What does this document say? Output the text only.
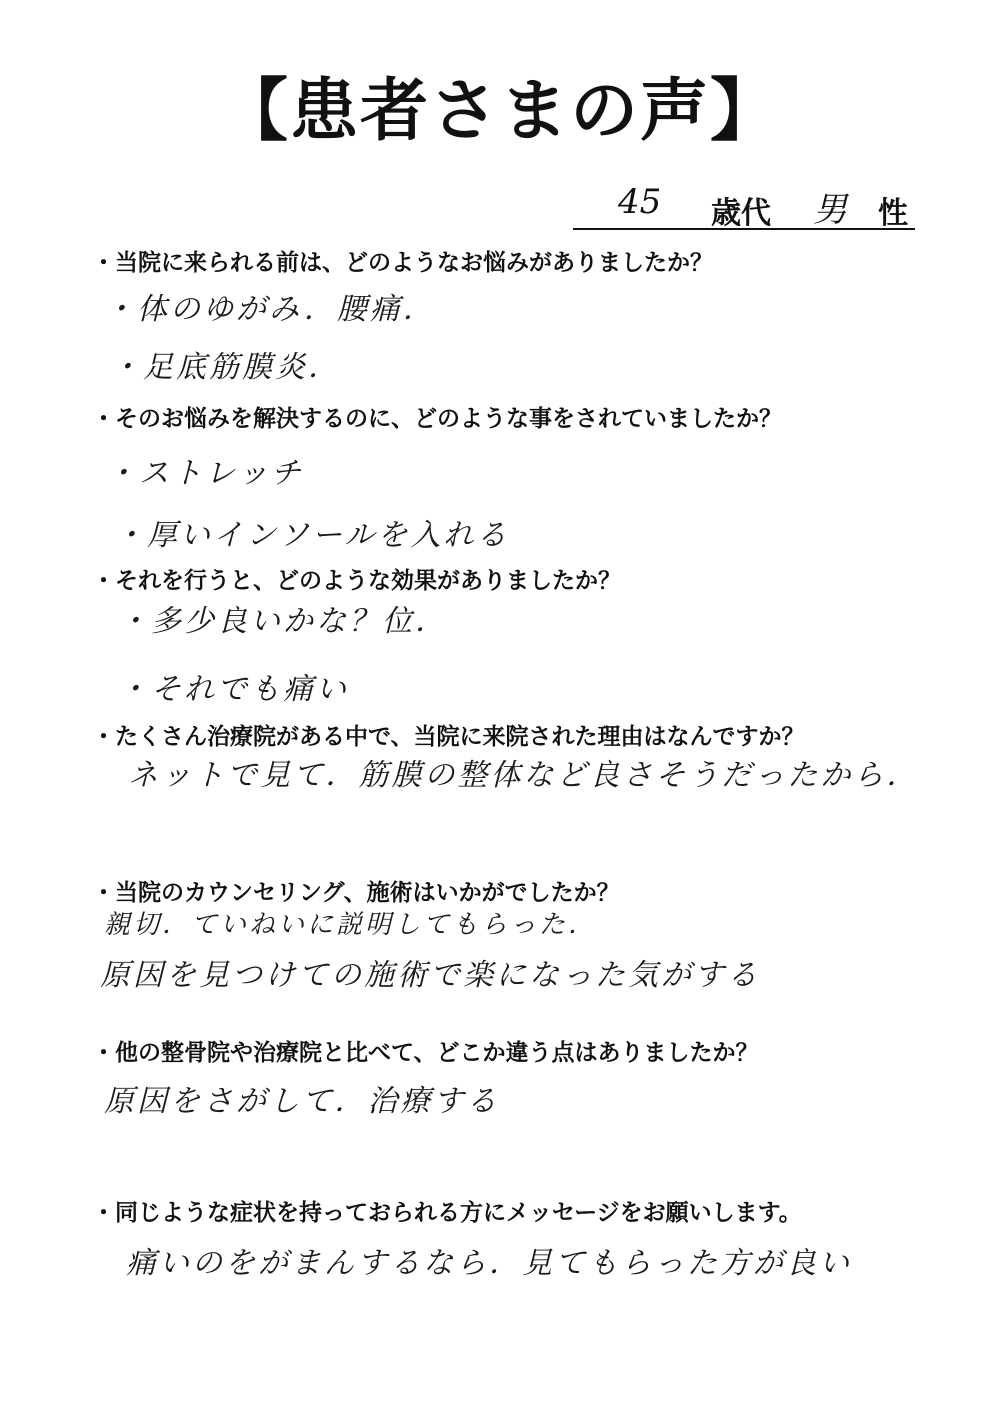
【患者さまの声】
45 歳代 男 性
・当院に来られる前は、どのようなお悩みがありましたか？
・体のゆがみ．腰痛．
・足底筋膜炎．
・そのお悩みを解決するのに、どのような事をされていましたか？
・ストレッチ
・厚いインソールを入れる
・それを行うと、どのような効果がありましたか？
・多少良いかな？位．
・それでも痛い
・たくさん治療院がある中で、当院に来院された理由はなんですか？
ネットで見て．筋膜の整体など良さそうだったから．
・当院のカウンセリング、施術はいかがでしたか？
親切．ていねいに説明してもらった．
原因を見つけての施術で楽になった気がする
・他の整骨院や治療院と比べて、どこか違う点はありましたか？
原因をさがして．治療する
・同じような症状を持っておられる方にメッセージをお願いします。
痛いのをがまんするなら．見てもらった方が良い
